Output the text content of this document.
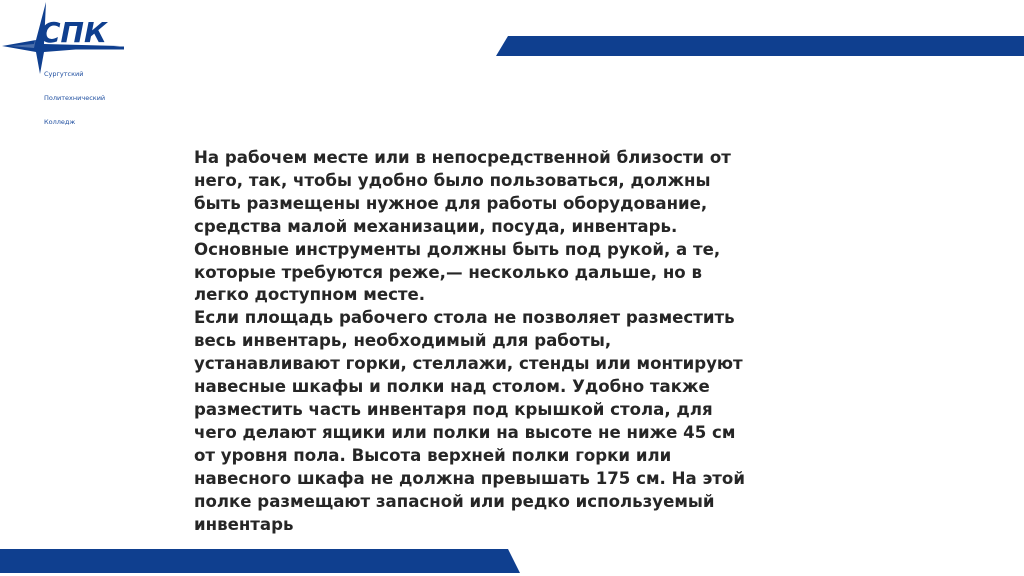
СПК

Сургутский

Политехнический

Колледж

На рабочем месте или в непосредственной близости от
него, так, чтобы удобно было пользоваться, должны
быть размещены нужное для работы оборудование,
средства малой механизации, посуда, инвентарь.
Основные инструменты должны быть под рукой, а те,
которые требуются реже,— несколько дальше, но в
легко доступном месте.

Если площадь рабочего стола не позволяет разместить
весь инвентарь, необходимый для работы,
устанавливают горки, стеллажи, стенды или монтируют
навесные шкафы и полки над столом. Удобно также
разместить часть инвентаря под крышкой стола, для
чего делают ящики или полки на высоте не ниже 45 см
от уровня пола. Высота верхней полки горки или
навесного шкафа не должна превышать 175 см. На этой
полке размещают запасной или редко используемый
инвентарь
